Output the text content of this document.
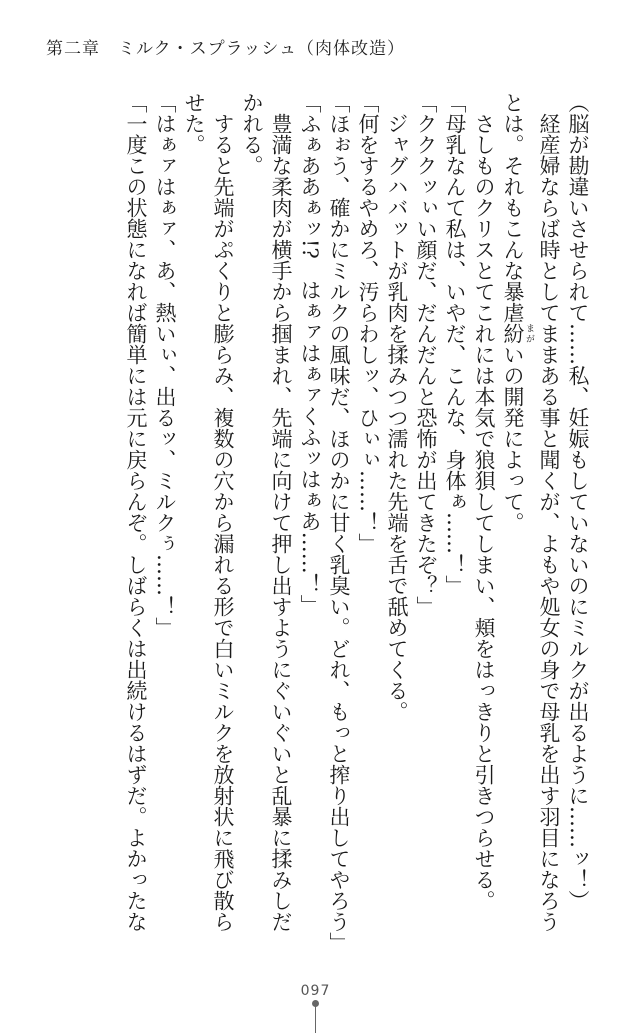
第二章　ミルク・スプラッシュ（肉体改造）
（脳が勘違いさせられて……私、妊娠もしていないのにミルクが出るように……ッ！）
　経産婦ならば時としてままある事と聞くが、よもや処女の身で母乳を出す羽目になろう
とは。それもこんな暴虐紛 まがいの開発によって。
　さしものクリスとてこれには本気で狼狽してしまい、頬をはっきりと引きつらせる。
「母乳なんて私は、いやだ、こんな、身体ぁ……！」
「クククッぃい顔だ、だんだんと恐怖が出てきたぞ？」
　ジャグハバットが乳肉を揉みつつ濡れた先端を舌で舐めてくる。
「何をするやめろ、汚らわしッ、ひぃぃ……！」
「ほぉう、確かにミルクの風味だ、ほのかに甘く乳臭い。どれ、もっと搾り出してやろう」
「ふぁああぁッ!?　はぁァはぁァくふッはぁあ……！」
　豊満な柔肉が横手から掴まれ、先端に向けて押し出すようにぐいぐいと乱暴に揉みしだ
かれる。
　すると先端がぷくりと膨らみ、複数の穴から漏れる形で白いミルクを放射状に飛び散ら
せた。
「はぁァはぁァ、あ、熱いぃ、出るッ、ミルクぅ……！」
「一度この状態になれば簡単には元に戻らんぞ。しばらくは出続けるはずだ。よかったな
097
